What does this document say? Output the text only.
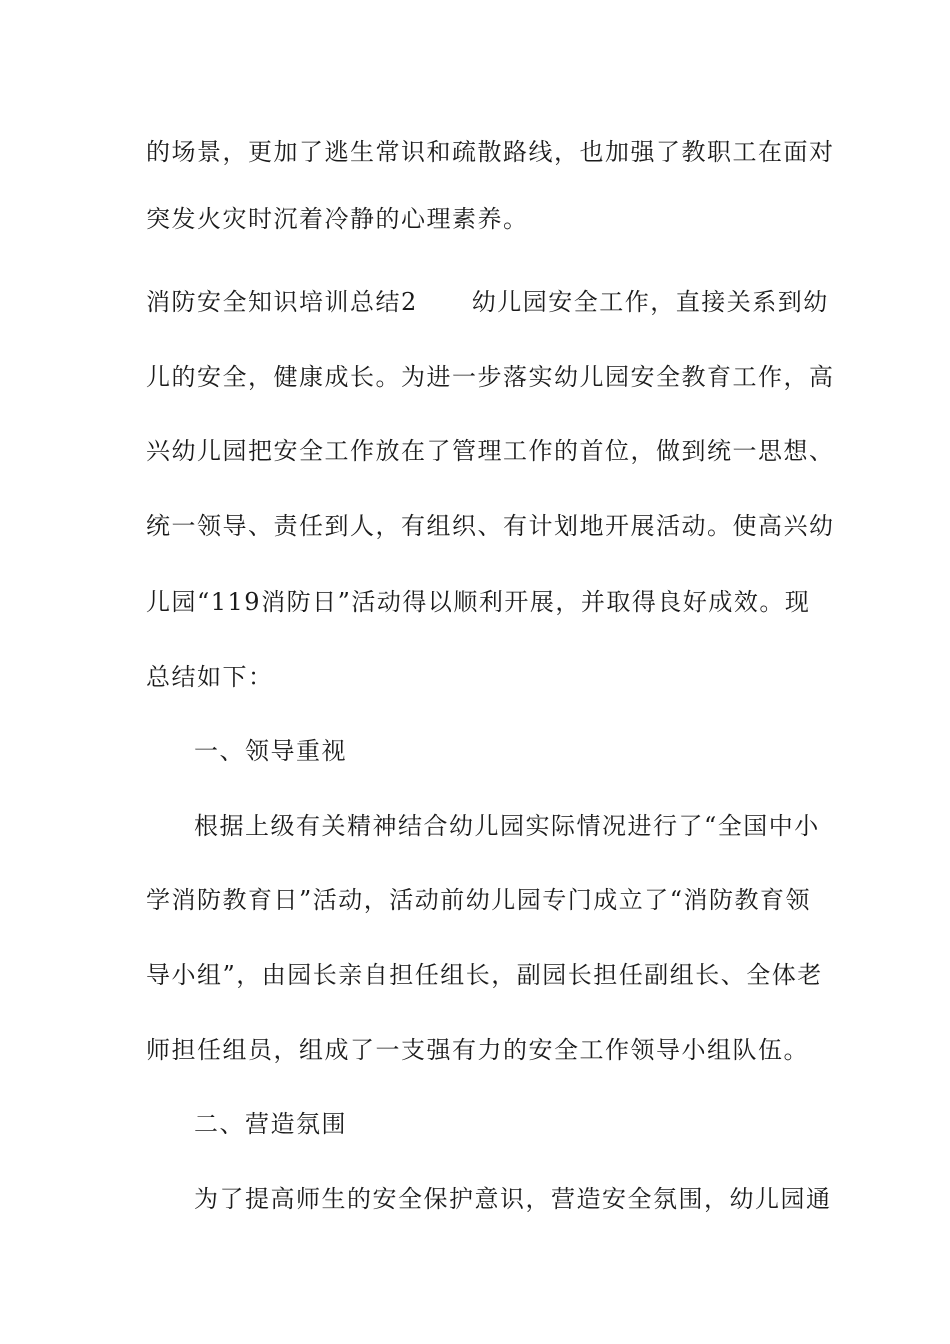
的场景，更加了逃生常识和疏散路线，也加强了教职工在面对
突发火灾时沉着冷静的心理素养。
消防安全知识培训总结2 幼儿园安全工作，直接关系到幼
儿的安全，健康成长。为进一步落实幼儿园安全教育工作，高
兴幼儿园把安全工作放在了管理工作的首位，做到统一思想、
统一领导、责任到人，有组织、有计划地开展活动。使高兴幼
儿园“119消防日”活动得以顺利开展，并取得良好成效。现
总结如下：
一、领导重视
根据上级有关精神结合幼儿园实际情况进行了“全国中小
学消防教育日”活动，活动前幼儿园专门成立了“消防教育领
导小组”，由园长亲自担任组长，副园长担任副组长、全体老
师担任组员，组成了一支强有力的安全工作领导小组队伍。
二、营造氛围
为了提高师生的安全保护意识，营造安全氛围，幼儿园通
